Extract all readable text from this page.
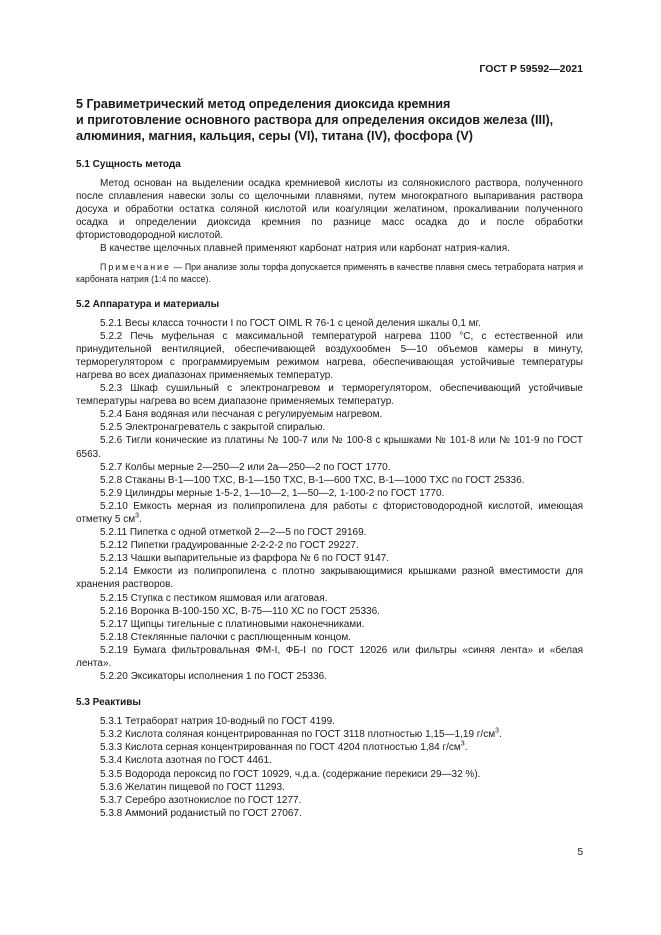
ГОСТ Р 59592—2021
5 Гравиметрический метод определения диоксида кремния
и приготовление основного раствора для определения оксидов железа (III),
алюминия, магния, кальция, серы (VI), титана (IV), фосфора (V)
5.1 Сущность метода

Метод основан на выделении осадка кремниевой кислоты из солянокислого раствора, полученного после сплавления навески золы со щелочными плавнями, путем многократного выпаривания раствора досуха и обработки остатка соляной кислотой или коагуляции желатином, прокаливании полученного осадка и определении диоксида кремния по разнице масс осадка до и после обработки фтористоводородной кислотой.

В качестве щелочных плавней применяют карбонат натрия или карбонат натрия-калия.

Примечание — При анализе золы торфа допускается применять в качестве плавня смесь тетрабората натрия и карбоната натрия (1:4 по массе).

5.2 Аппаратура и материалы

5.2.1 Весы класса точности I по ГОСТ OIML R 76-1 с ценой деления шкалы 0,1 мг.

5.2.2 Печь муфельная с максимальной температурой нагрева 1100 °С, с естественной или принудительной вентиляцией, обеспечивающей воздухообмен 5—10 объемов камеры в минуту, терморегулятором с программируемым режимом нагрева, обеспечивающая устойчивые температуры нагрева во всех диапазонах применяемых температур.

5.2.3 Шкаф сушильный с электронагревом и терморегулятором, обеспечивающий устойчивые температуры нагрева во всем диапазоне применяемых температур.

5.2.4 Баня водяная или песчаная с регулируемым нагревом.

5.2.5 Электронагреватель с закрытой спиралью.

5.2.6 Тигли конические из платины № 100-7 или № 100-8 с крышками № 101-8 или № 101-9 по ГОСТ 6563.

5.2.7 Колбы мерные 2—250—2 или 2а—250—2 по ГОСТ 1770.

5.2.8 Стаканы В-1—100 ТХС, В-1—150 ТХС, В-1—600 ТХС, В-1—1000 ТХС по ГОСТ 25336.

5.2.9 Цилиндры мерные 1-5-2, 1—10—2, 1—50—2, 1-100-2 по ГОСТ 1770.

5.2.10 Емкость мерная из полипропилена для работы с фтористоводородной кислотой, имеющая отметку 5 $см^3$.

5.2.11 Пипетка с одной отметкой 2—2—5 по ГОСТ 29169.

5.2.12 Пипетки градуированные 2-2-2-2 по ГОСТ 29227.

5.2.13 Чашки выпарительные из фарфора № 6 по ГОСТ 9147.

5.2.14 Емкости из полипропилена с плотно закрывающимися крышками разной вместимости для хранения растворов.

5.2.15 Ступка с пестиком яшмовая или агатовая.

5.2.16 Воронка В-100-150 ХС, В-75—110 ХС по ГОСТ 25336.

5.2.17 Щипцы тигельные с платиновыми наконечниками.

5.2.18 Стеклянные палочки с расплющенным концом.

5.2.19 Бумага фильтровальная ФМ-I, ФБ-I по ГОСТ 12026 или фильтры «синяя лента» и «белая лента».

5.2.20 Эксикаторы исполнения 1 по ГОСТ 25336.

5.3 Реактивы

5.3.1 Тетраборат натрия 10-водный по ГОСТ 4199.

5.3.2 Кислота соляная концентрированная по ГОСТ 3118 плотностью 1,15—1,19 $г/см^3$.

5.3.3 Кислота серная концентрированная по ГОСТ 4204 плотностью 1,84 $г/см^3$.

5.3.4 Кислота азотная по ГОСТ 4461.

5.3.5 Водорода пероксид по ГОСТ 10929, ч.д.а. (содержание перекиси 29—32 %).

5.3.6 Желатин пищевой по ГОСТ 11293.

5.3.7 Серебро азотнокислое по ГОСТ 1277.

5.3.8 Аммоний роданистый по ГОСТ 27067.

5
